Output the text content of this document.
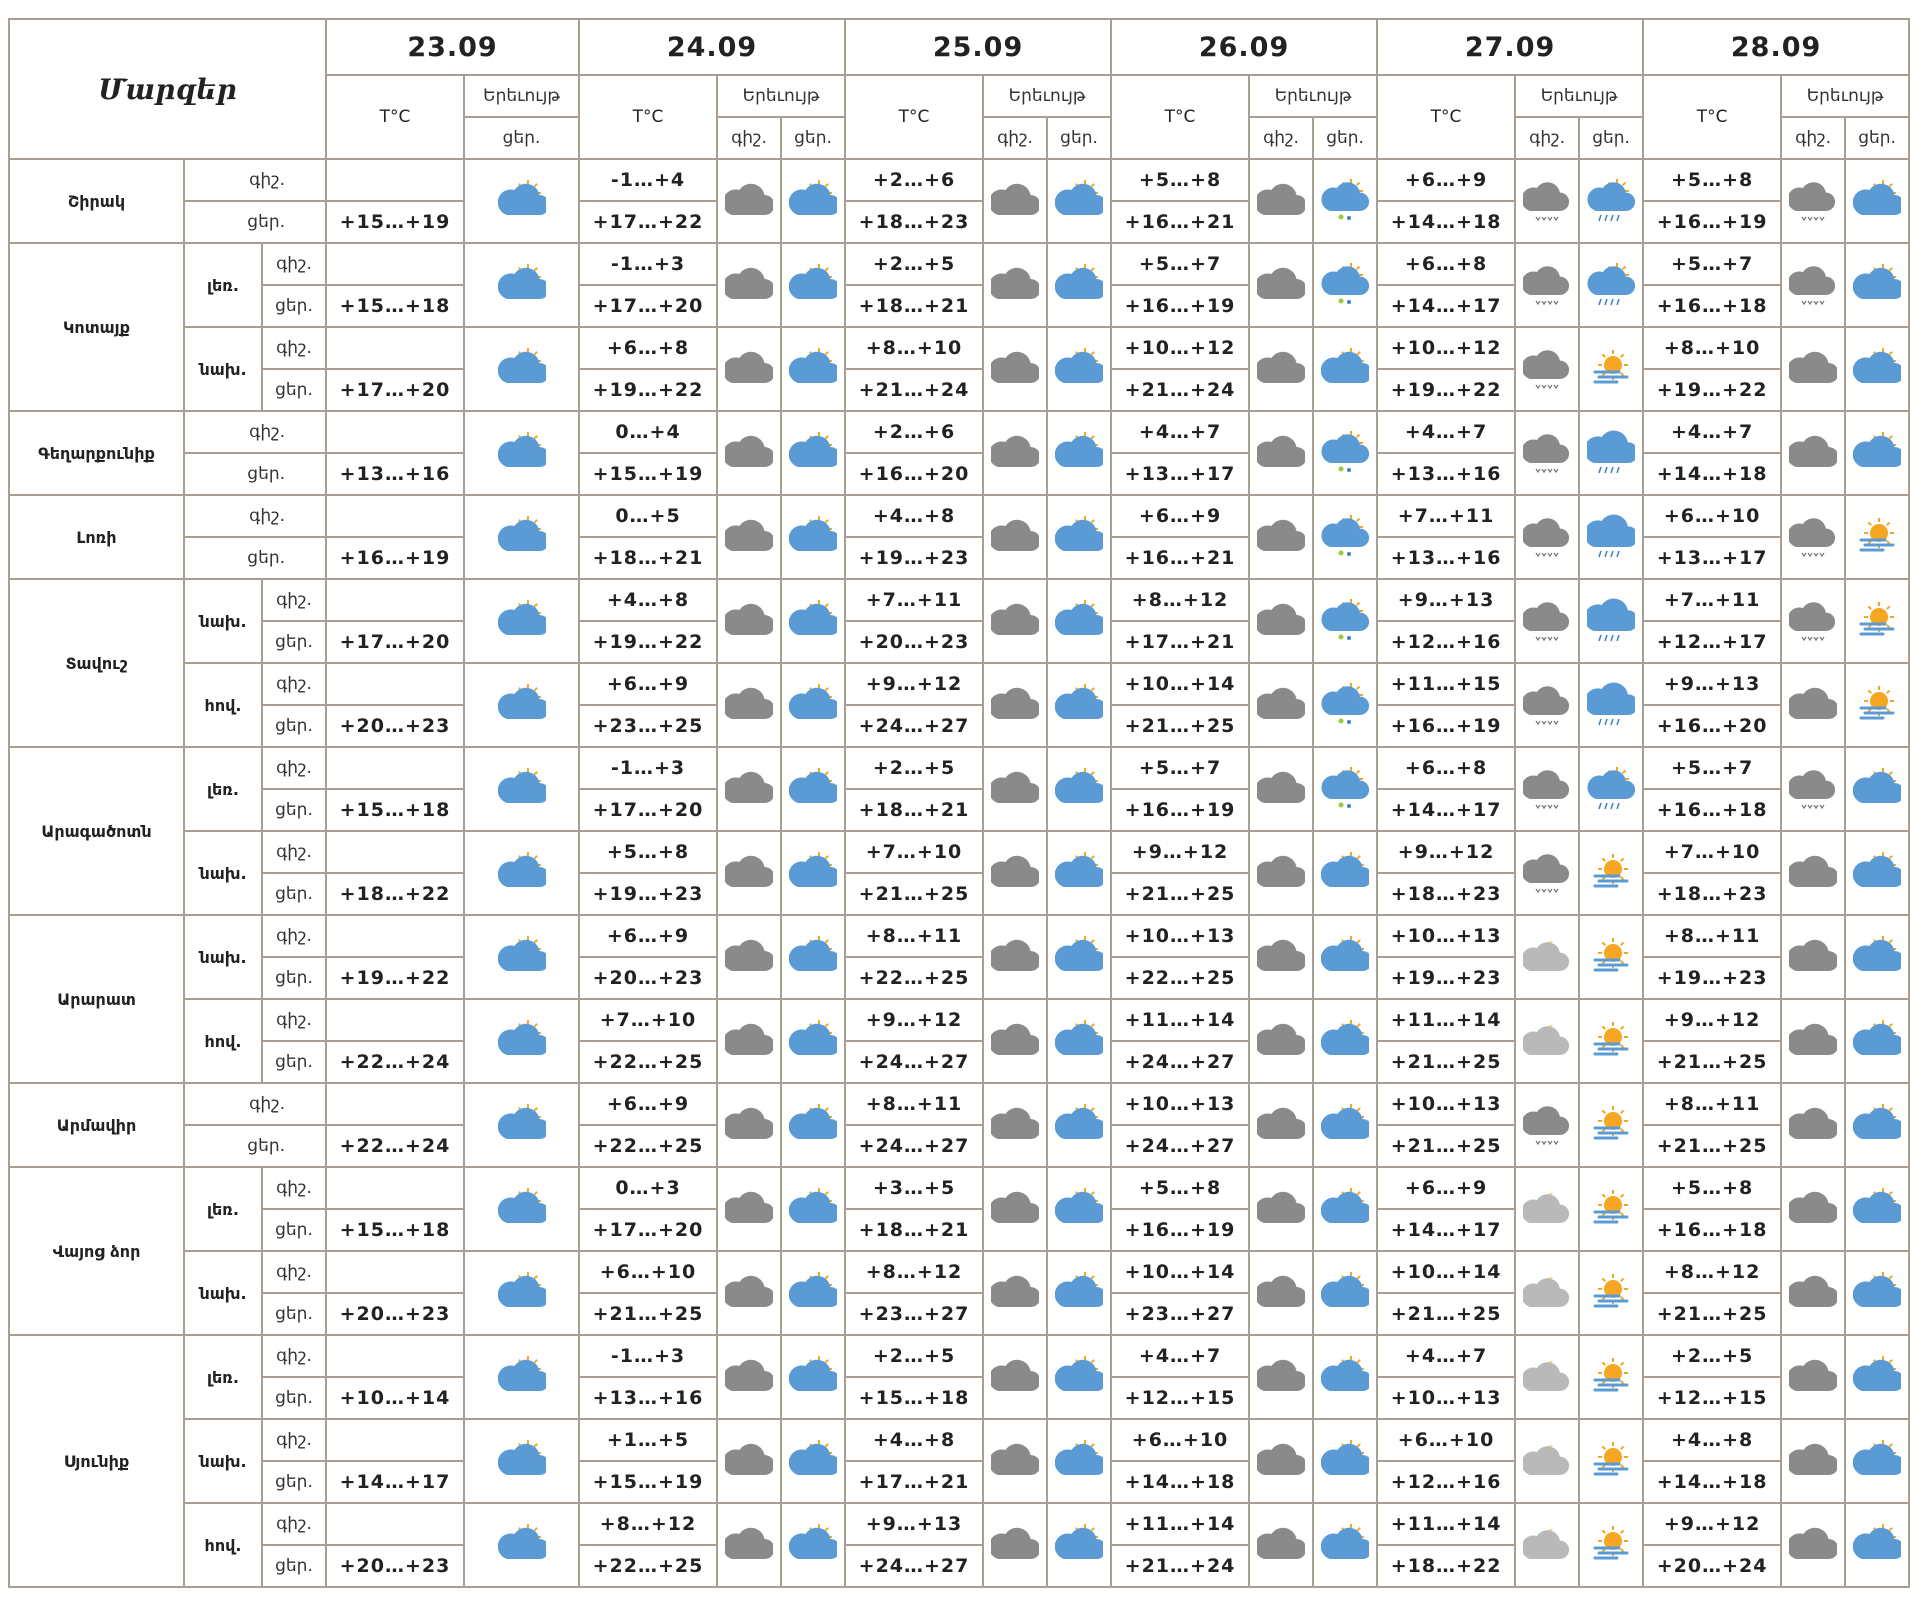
Մարզեր			23.09		24.09			25.09			26.09			27.09			28.09		
			T°C	Երեւույթ	T°C	Երեւույթ		T°C	Երեւույթ		T°C	Երեւույթ		T°C	Երեւույթ		T°C	Երեւույթ	
				ցեր.		գիշ.	ցեր.		գիշ.	ցեր.		գիշ.	ցեր.		գիշ.	ցեր.		գիշ.	ցեր.
Շիրակ	գիշ.				-1…+4			+2…+6			+5…+8			+6…+9			+5…+8	

	ցեր.		+15…+19		+17…+22			+18…+23			+16…+21			+14…+18			+16…+19		
Կոտայք	լեռ.	գիշ.			-1…+3			+2…+5			+5…+7			+6…+8			+5…+7	

		ցեր.	+15…+18		+17…+20			+18…+21			+16…+19			+14…+17			+16…+18		
	նախ.	գիշ.			+6…+8			+8…+10			+10…+12			+10…+12			+8…+10	

		ցեր.	+17…+20		+19…+22			+21…+24			+21…+24			+19…+22			+19…+22		
Գեղարքունիք	գիշ.				0…+4			+2…+6			+4…+7			+4…+7			+4…+7	

	ցեր.		+13…+16		+15…+19			+16…+20			+13…+17			+13…+16			+14…+18		
Լոռի	գիշ.				0…+5			+4…+8			+6…+9			+7…+11			+6…+10	

	ցեր.		+16…+19		+18…+21			+19…+23			+16…+21			+13…+16			+13…+17		
Տավուշ	նախ.	գիշ.			+4…+8			+7…+11			+8…+12			+9…+13			+7…+11	

		ցեր.	+17…+20		+19…+22			+20…+23			+17…+21			+12…+16			+12…+17		
	հով.	գիշ.			+6…+9			+9…+12			+10…+14			+11…+15			+9…+13	

		ցեր.	+20…+23		+23…+25			+24…+27			+21…+25			+16…+19			+16…+20		
Արագածոտն	լեռ.	գիշ.			-1…+3			+2…+5			+5…+7			+6…+8			+5…+7	

		ցեր.	+15…+18		+17…+20			+18…+21			+16…+19			+14…+17			+16…+18		
	նախ.	գիշ.			+5…+8			+7…+10			+9…+12			+9…+12			+7…+10	

		ցեր.	+18…+22		+19…+23			+21…+25			+21…+25			+18…+23			+18…+23		
Արարատ	նախ.	գիշ.			+6…+9			+8…+11			+10…+13			+10…+13			+8…+11	

		ցեր.	+19…+22		+20…+23			+22…+25			+22…+25			+19…+23			+19…+23		
	հով.	գիշ.			+7…+10			+9…+12			+11…+14			+11…+14			+9…+12	

		ցեր.	+22…+24		+22…+25			+24…+27			+24…+27			+21…+25			+21…+25		
Արմավիր	գիշ.				+6…+9			+8…+11			+10…+13			+10…+13			+8…+11	

	ցեր.		+22…+24		+22…+25			+24…+27			+24…+27			+21…+25			+21…+25		
Վայոց ձոր	լեռ.	գիշ.			0…+3			+3…+5			+5…+8			+6…+9			+5…+8	

		ցեր.	+15…+18		+17…+20			+18…+21			+16…+19			+14…+17			+16…+18		
	նախ.	գիշ.			+6…+10			+8…+12			+10…+14			+10…+14			+8…+12	

		ցեր.	+20…+23		+21…+25			+23…+27			+23…+27			+21…+25			+21…+25		
Սյունիք	լեռ.	գիշ.			-1…+3			+2…+5			+4…+7			+4…+7			+2…+5	

		ցեր.	+10…+14		+13…+16			+15…+18			+12…+15			+10…+13			+12…+15		
	նախ.	գիշ.			+1…+5			+4…+8			+6…+10			+6…+10			+4…+8	

		ցեր.	+14…+17		+15…+19			+17…+21			+14…+18			+12…+16			+14…+18		
	հով.	գիշ.			+8…+12			+9…+13			+11…+14			+11…+14			+9…+12	

		ցեր.	+20…+23		+22…+25			+24…+27			+21…+24			+18…+22			+20…+24		
